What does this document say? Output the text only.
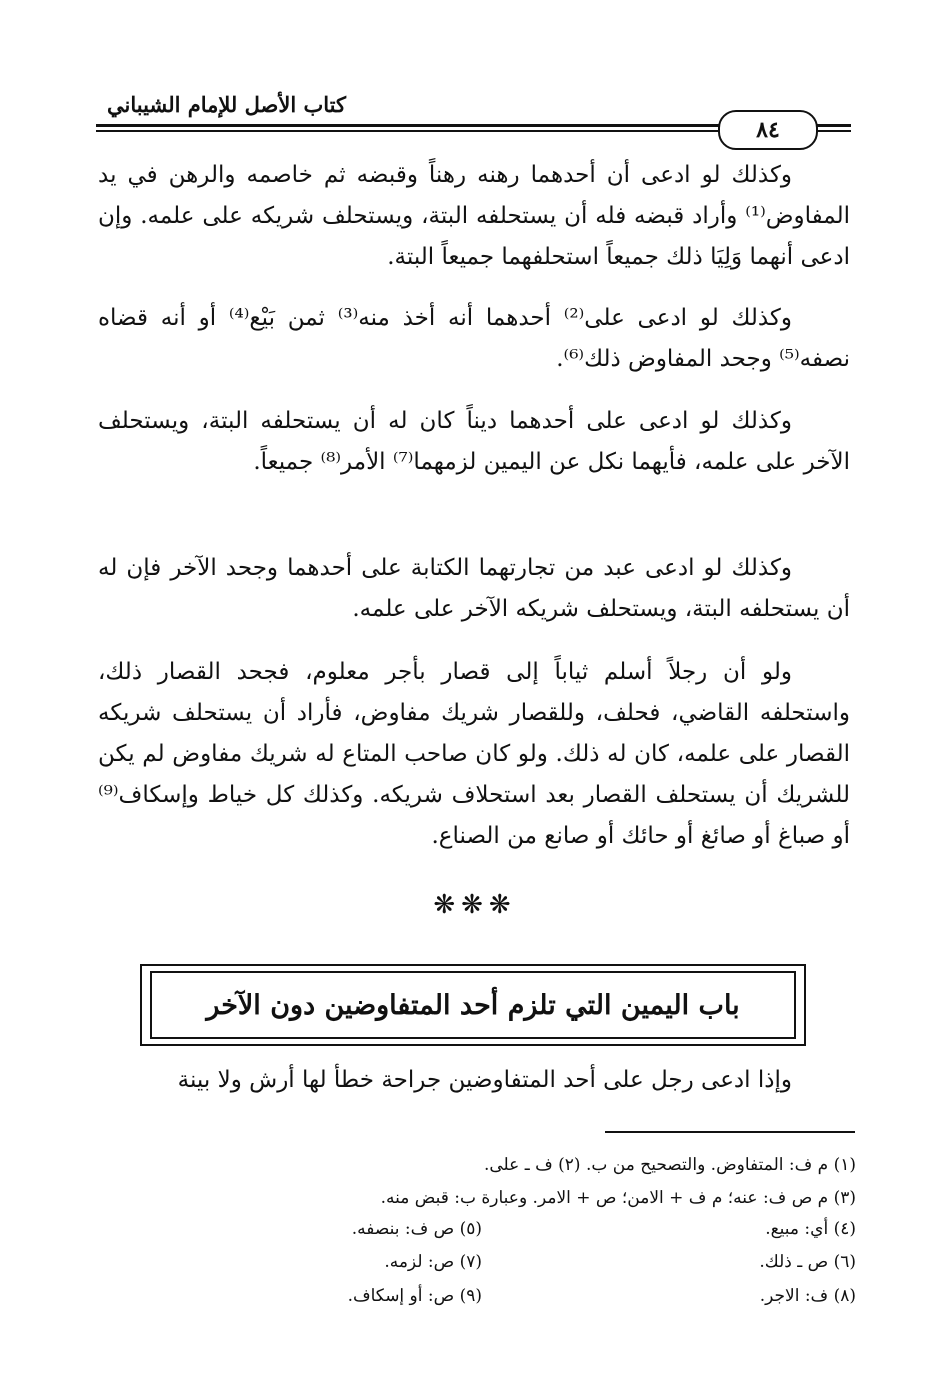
كتاب الأصل للإمام الشيباني
٨٤
وكذلك لو ادعى أن أحدهما رهنه رهناً وقبضه ثم خاصمه والرهن في يد المفاوض⁽¹⁾ وأراد قبضه فله أن يستحلفه البتة، ويستحلف شريكه على علمه. وإن ادعى أنهما وَلِيَا ذلك جميعاً استحلفهما جميعاً البتة.
وكذلك لو ادعى على⁽²⁾ أحدهما أنه أخذ منه⁽³⁾ ثمن بَيْع⁽⁴⁾ أو أنه قضاه نصفه⁽⁵⁾ وجحد المفاوض ذلك⁽⁶⁾.
وكذلك لو ادعى على أحدهما ديناً كان له أن يستحلفه البتة، ويستحلف الآخر على علمه، فأيهما نكل عن اليمين لزمهما⁽⁷⁾ الأمر⁽⁸⁾ جميعاً.
وكذلك لو ادعى عبد من تجارتهما الكتابة على أحدهما وجحد الآخر فإن له أن يستحلفه البتة، ويستحلف شريكه الآخر على علمه.
ولو أن رجلاً أسلم ثياباً إلى قصار بأجر معلوم، فجحد القصار ذلك، واستحلفه القاضي، فحلف، وللقصار شريك مفاوض، فأراد أن يستحلف شريكه القصار على علمه، كان له ذلك. ولو كان صاحب المتاع له شريك مفاوض لم يكن للشريك أن يستحلف القصار بعد استحلاف شريكه. وكذلك كل خياط وإسكاف⁽⁹⁾ أو صباغ أو صائغ أو حائك أو صانع من الصناع.
❋❋❋
باب اليمين التي تلزم أحد المتفاوضين دون الآخر
وإذا ادعى رجل على أحد المتفاوضين جراحة خطأ لها أرش ولا بينة
(١) م ف: المتفاوض. والتصحيح من ب. (٢) ف ـ على.
(٣) م ص ف: عنه؛ م ف + الامن؛ ص + الامر. وعبارة ب: قبض منه.
(٤) أي: مبيع.
(٥) ص ف: بنصفه.
(٦) ص ـ ذلك.
(٧) ص: لزمه.
(٨) ف: الاجر.
(٩) ص: أو إسكاف.
